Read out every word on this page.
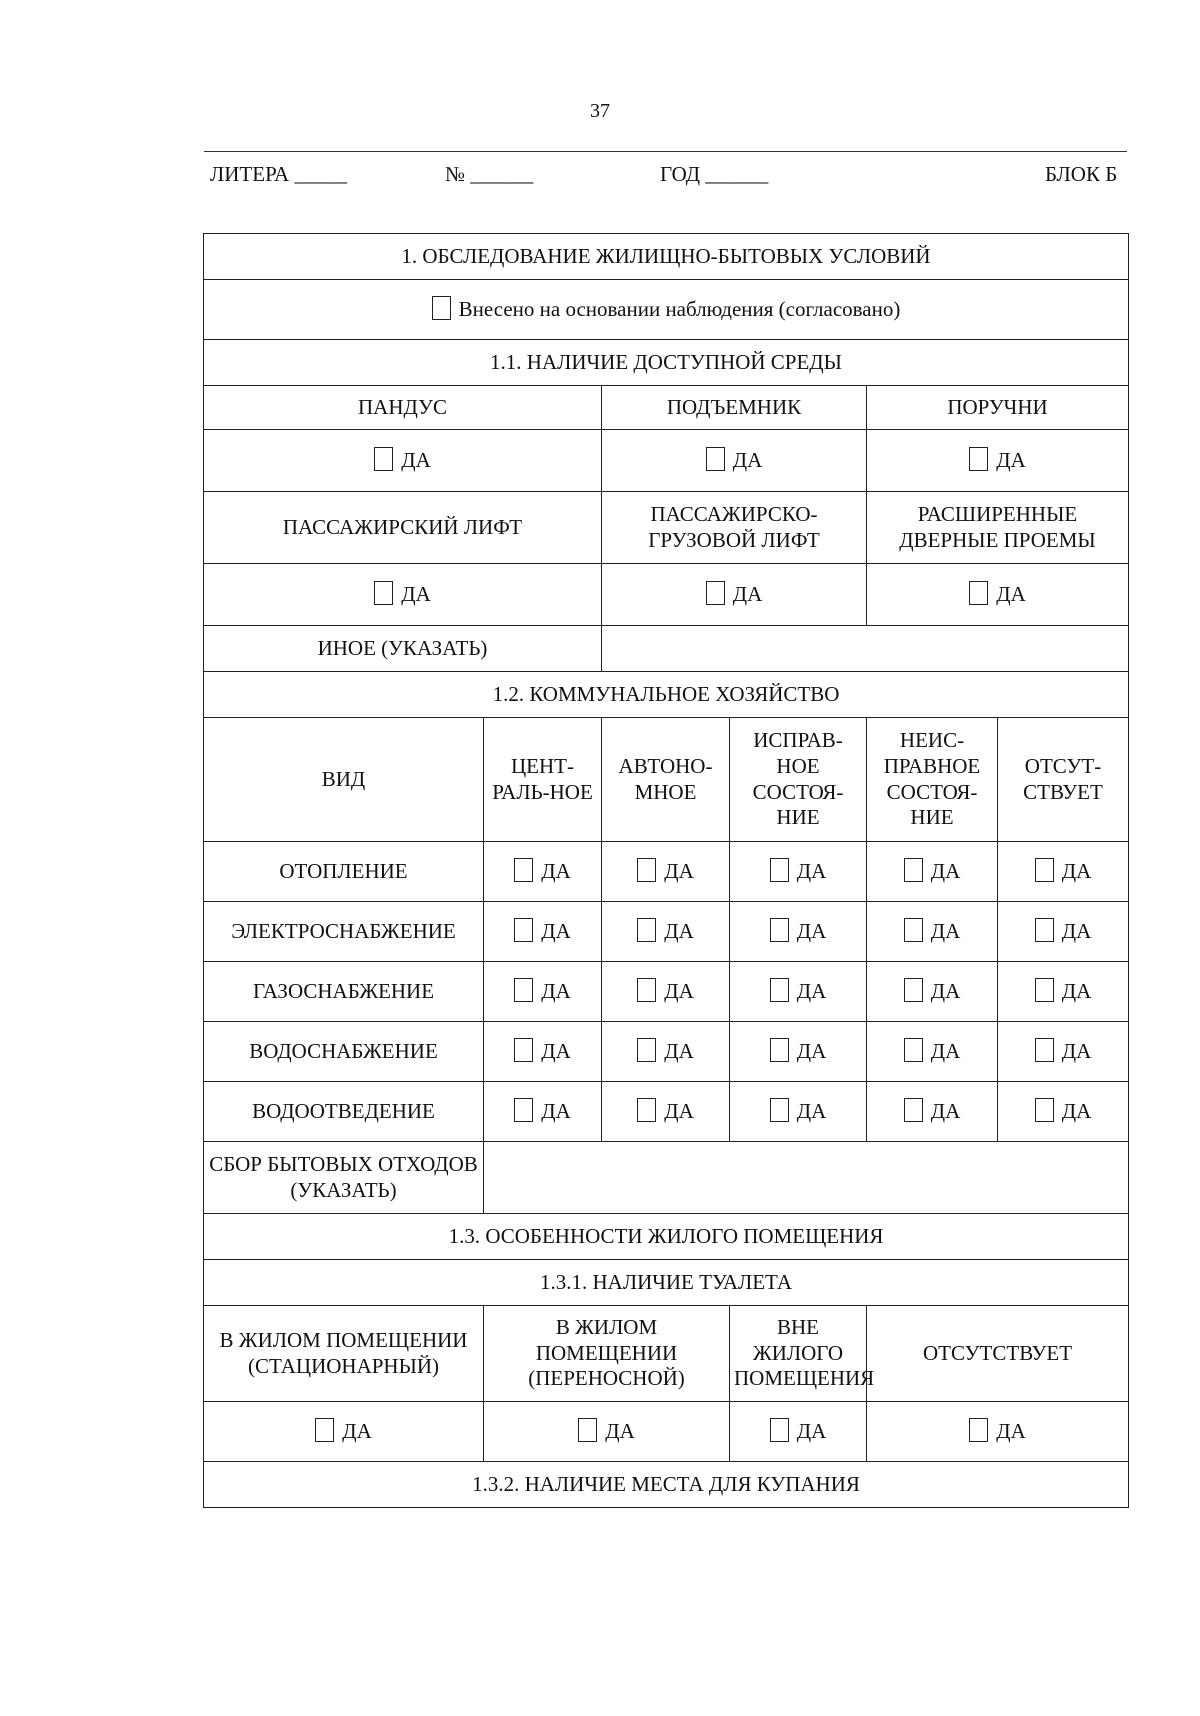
37
ЛИТЕРА _____	№ ______	ГОД ______	БЛОК Б
1. ОБСЛЕДОВАНИЕ ЖИЛИЩНО-БЫТОВЫХ УСЛОВИЙ					
Внесено на основании наблюдения (согласовано)					
1.1. НАЛИЧИЕ ДОСТУПНОЙ СРЕДЫ					
ПАНДУС		ПОДЪЕМНИК		ПОРУЧНИ	
ДА		ДА		ДА	
ПАССАЖИРСКИЙ ЛИФТ		ПАССАЖИРСКО-ГРУЗОВОЙ ЛИФТ		РАСШИРЕННЫЕ ДВЕРНЫЕ ПРОЕМЫ	
ДА		ДА		ДА	
ИНОЕ (УКАЗАТЬ)					
1.2. КОММУНАЛЬНОЕ ХОЗЯЙСТВО					
ВИД	ЦЕНТ-РАЛЬ-НОЕ	АВТОНО-МНОЕ	ИСПРАВ-НОЕ СОСТОЯ-НИЕ	НЕИС-ПРАВНОЕ СОСТОЯ-НИЕ	ОТСУТ-СТВУЕТ
ОТОПЛЕНИЕ	ДА	ДА	ДА	ДА	ДА
ЭЛЕКТРОСНАБЖЕНИЕ	ДА	ДА	ДА	ДА	ДА
ГАЗОСНАБЖЕНИЕ	ДА	ДА	ДА	ДА	ДА
ВОДОСНАБЖЕНИЕ	ДА	ДА	ДА	ДА	ДА
ВОДООТВЕДЕНИЕ	ДА	ДА	ДА	ДА	ДА
СБОР БЫТОВЫХ ОТХОДОВ (УКАЗАТЬ)					
1.3. ОСОБЕННОСТИ ЖИЛОГО ПОМЕЩЕНИЯ					
1.3.1. НАЛИЧИЕ ТУАЛЕТА					
В ЖИЛОМ ПОМЕЩЕНИИ (СТАЦИОНАРНЫЙ)	В ЖИЛОМ ПОМЕЩЕНИИ (ПЕРЕНОСНОЙ)		ВНЕ ЖИЛОГО ПОМЕЩЕНИЯ	ОТСУТСТВУЕТ	
ДА	ДА		ДА	ДА	
1.3.2. НАЛИЧИЕ МЕСТА ДЛЯ КУПАНИЯ					
